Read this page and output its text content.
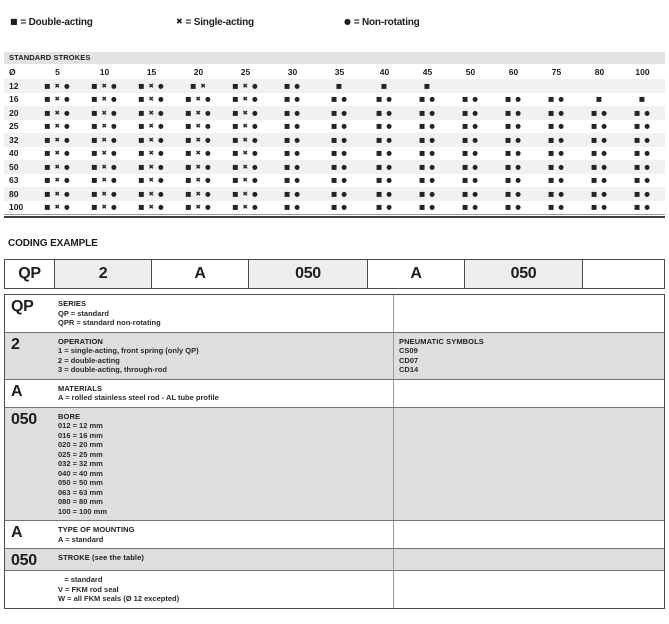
■ = Double-acting	✖ = Single-acting	● = Non-rotating
STANDARD STROKES
Ø	5	10	15	20	25	30	35	40	45	50	60	75	80	100
12	■ ✖ ●	■ ✖ ●	■ ✖ ●	■ ✖	■ ✖ ●	■ ●	■	■	■
16	■ ✖ ●	■ ✖ ●	■ ✖ ●	■ ✖ ●	■ ✖ ●	■ ●	■ ●	■ ●	■ ●	■ ●	■ ●	■ ●	■	■
20	■ ✖ ●	■ ✖ ●	■ ✖ ●	■ ✖ ●	■ ✖ ●	■ ●	■ ●	■ ●	■ ●	■ ●	■ ●	■ ●	■ ●	■ ●
25	■ ✖ ●	■ ✖ ●	■ ✖ ●	■ ✖ ●	■ ✖ ●	■ ●	■ ●	■ ●	■ ●	■ ●	■ ●	■ ●	■ ●	■ ●
32	■ ✖ ●	■ ✖ ●	■ ✖ ●	■ ✖ ●	■ ✖ ●	■ ●	■ ●	■ ●	■ ●	■ ●	■ ●	■ ●	■ ●	■ ●
40	■ ✖ ●	■ ✖ ●	■ ✖ ●	■ ✖ ●	■ ✖ ●	■ ●	■ ●	■ ●	■ ●	■ ●	■ ●	■ ●	■ ●	■ ●
50	■ ✖ ●	■ ✖ ●	■ ✖ ●	■ ✖ ●	■ ✖ ●	■ ●	■ ●	■ ●	■ ●	■ ●	■ ●	■ ●	■ ●	■ ●
63	■ ✖ ●	■ ✖ ●	■ ✖ ●	■ ✖ ●	■ ✖ ●	■ ●	■ ●	■ ●	■ ●	■ ●	■ ●	■ ●	■ ●	■ ●
80	■ ✖ ●	■ ✖ ●	■ ✖ ●	■ ✖ ●	■ ✖ ●	■ ●	■ ●	■ ●	■ ●	■ ●	■ ●	■ ●	■ ●	■ ●
100	■ ✖ ●	■ ✖ ●	■ ✖ ●	■ ✖ ●	■ ✖ ●	■ ●	■ ●	■ ●	■ ●	■ ●	■ ●	■ ●	■ ●	■ ●
CODING EXAMPLE
QP	2	A	050	A	050
QP	SERIES
QP = standard
QPR = standard non-rotating
2	OPERATION
1 = single-acting, front spring (only QP)
2 = double-acting
3 = double-acting, through-rod
PNEUMATIC SYMBOLS
CS09
CD07
CD14
A	MATERIALS
A = rolled stainless steel rod - AL tube profile
050	BORE
012 = 12 mm
016 = 16 mm
020 = 20 mm
025 = 25 mm
032 = 32 mm
040 = 40 mm
050 = 50 mm
063 = 63 mm
080 = 80 mm
100 = 100 mm
A	TYPE OF MOUNTING
A = standard
050	STROKE (see the table)
= standard
V = FKM rod seal
W = all FKM seals (Ø 12 excepted)
